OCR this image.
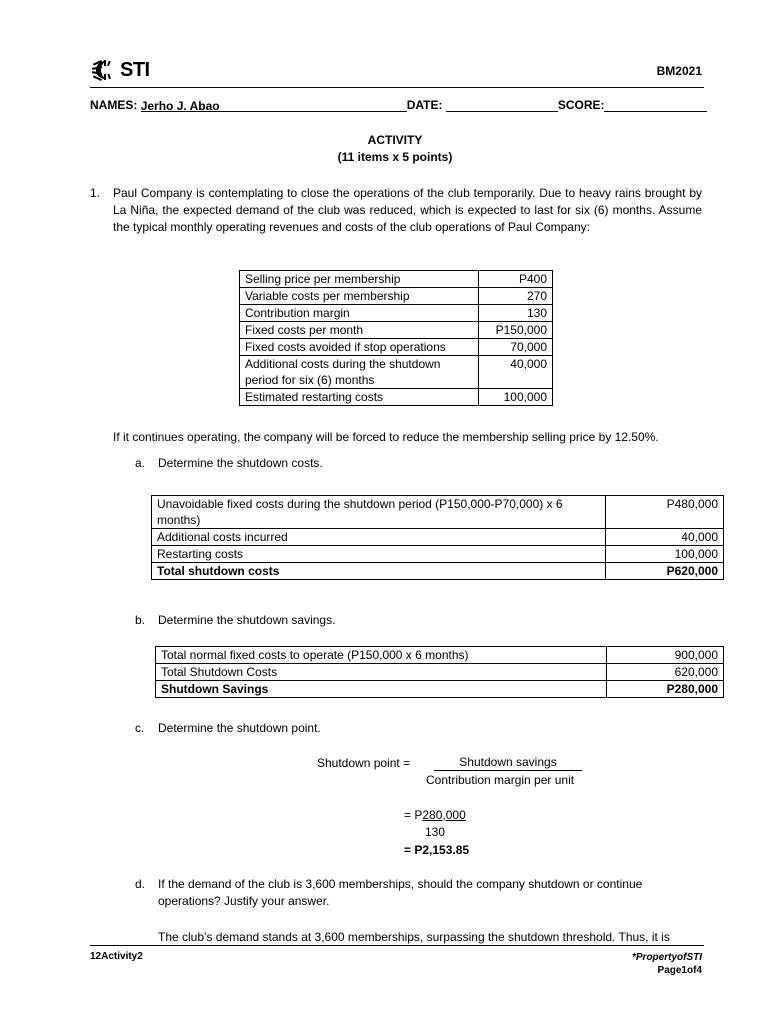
STI	BM2021
NAMES: Jerho J. Abao	DATE:	SCORE:
ACTIVITY
(11 items x 5 points)
1. Paul Company is contemplating to close the operations of the club temporarily. Due to heavy rains brought by La Niña, the expected demand of the club was reduced, which is expected to last for six (6) months. Assume the typical monthly operating revenues and costs of the club operations of Paul Company:
Selling price per membership	P400
Variable costs per membership	270
Contribution margin	130
Fixed costs per month	P150,000
Fixed costs avoided if stop operations	70,000
Additional costs during the shutdown period for six (6) months	40,000
Estimated restarting costs	100,000
If it continues operating, the company will be forced to reduce the membership selling price by 12.50%.
a. Determine the shutdown costs.
Unavoidable fixed costs during the shutdown period (P150,000-P70,000) x 6 months)	P480,000
Additional costs incurred	40,000
Restarting costs	100,000
Total shutdown costs	P620,000
b. Determine the shutdown savings.
Total normal fixed costs to operate (P150,000 x 6 months)	900,000
Total Shutdown Costs	620,000
Shutdown Savings	P280,000
c. Determine the shutdown point.
Shutdown point =	Shutdown savings
Contribution margin per unit
= P280,000
130
= P2,153.85
d. If the demand of the club is 3,600 memberships, should the company shutdown or continue operations? Justify your answer.
The club’s demand stands at 3,600 memberships, surpassing the shutdown threshold. Thus, it is
12Activity2	*PropertyofSTI
Page1of4
